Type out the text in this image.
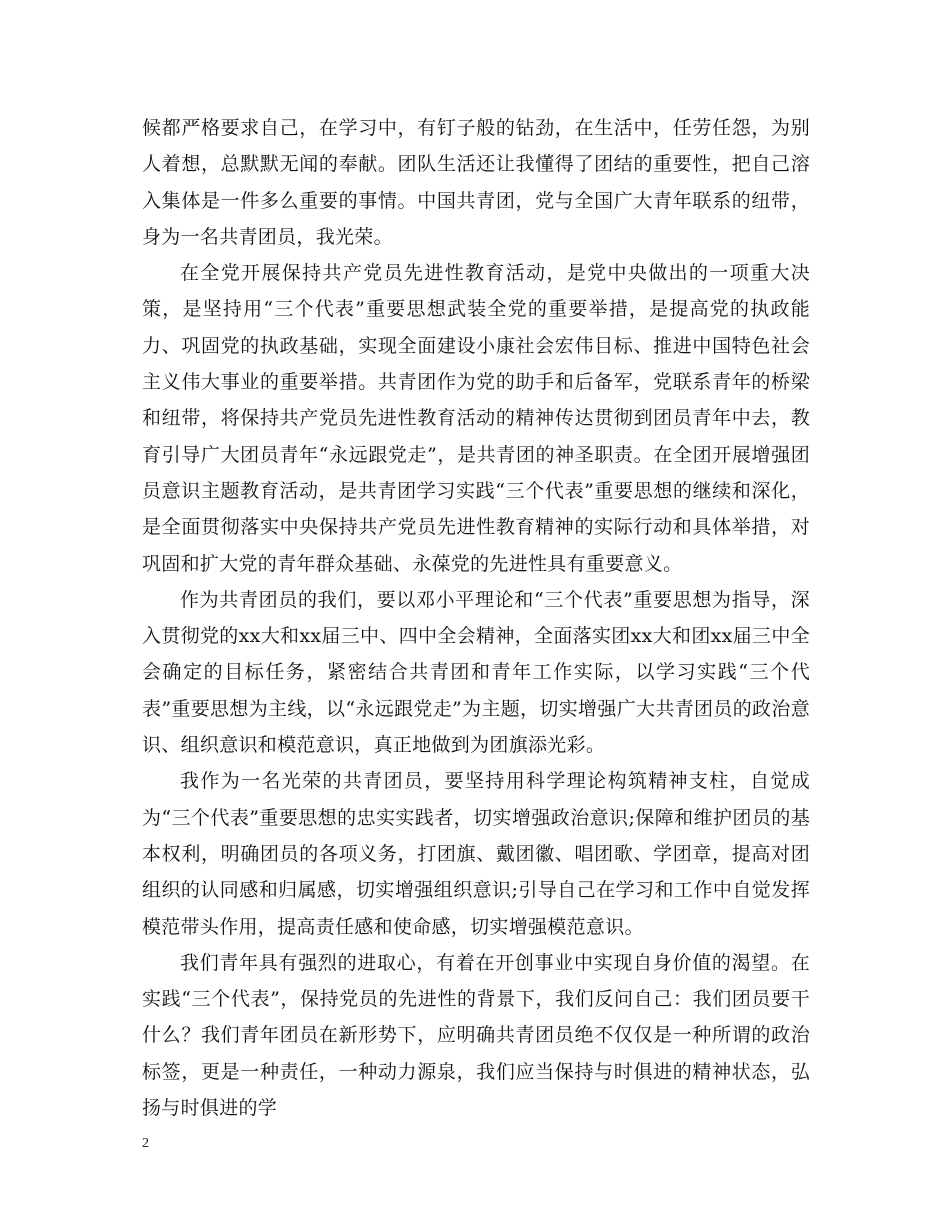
候都严格要求自己，在学习中，有钉子般的钻劲，在生活中，任劳任怨，为别人着想，总默默无闻的奉献。团队生活还让我懂得了团结的重要性，把自己溶入集体是一件多么重要的事情。中国共青团，党与全国广大青年联系的纽带，身为一名共青团员，我光荣。

在全党开展保持共产党员先进性教育活动，是党中央做出的一项重大决策，是坚持用“三个代表”重要思想武装全党的重要举措，是提高党的执政能力、巩固党的执政基础，实现全面建设小康社会宏伟目标、推进中国特色社会主义伟大事业的重要举措。共青团作为党的助手和后备军，党联系青年的桥梁和纽带，将保持共产党员先进性教育活动的精神传达贯彻到团员青年中去，教育引导广大团员青年“永远跟党走”，是共青团的神圣职责。在全团开展增强团员意识主题教育活动，是共青团学习实践“三个代表”重要思想的继续和深化，是全面贯彻落实中央保持共产党员先进性教育精神的实际行动和具体举措，对巩固和扩大党的青年群众基础、永葆党的先进性具有重要意义。

作为共青团员的我们，要以邓小平理论和“三个代表”重要思想为指导，深入贯彻党的xx大和xx届三中、四中全会精神，全面落实团xx大和团xx届三中全会确定的目标任务，紧密结合共青团和青年工作实际，以学习实践“三个代表”重要思想为主线，以“永远跟党走”为主题，切实增强广大共青团员的政治意识、组织意识和模范意识，真正地做到为团旗添光彩。

我作为一名光荣的共青团员，要坚持用科学理论构筑精神支柱，自觉成为“三个代表”重要思想的忠实实践者，切实增强政治意识;保障和维护团员的基本权利，明确团员的各项义务，打团旗、戴团徽、唱团歌、学团章，提高对团组织的认同感和归属感，切实增强组织意识;引导自己在学习和工作中自觉发挥模范带头作用，提高责任感和使命感，切实增强模范意识。

我们青年具有强烈的进取心，有着在开创事业中实现自身价值的渴望。在实践“三个代表”，保持党员的先进性的背景下，我们反问自己：我们团员要干什么？我们青年团员在新形势下，应明确共青团员绝不仅仅是一种所谓的政治标签，更是一种责任，一种动力源泉，我们应当保持与时俱进的精神状态，弘扬与时俱进的学

2
